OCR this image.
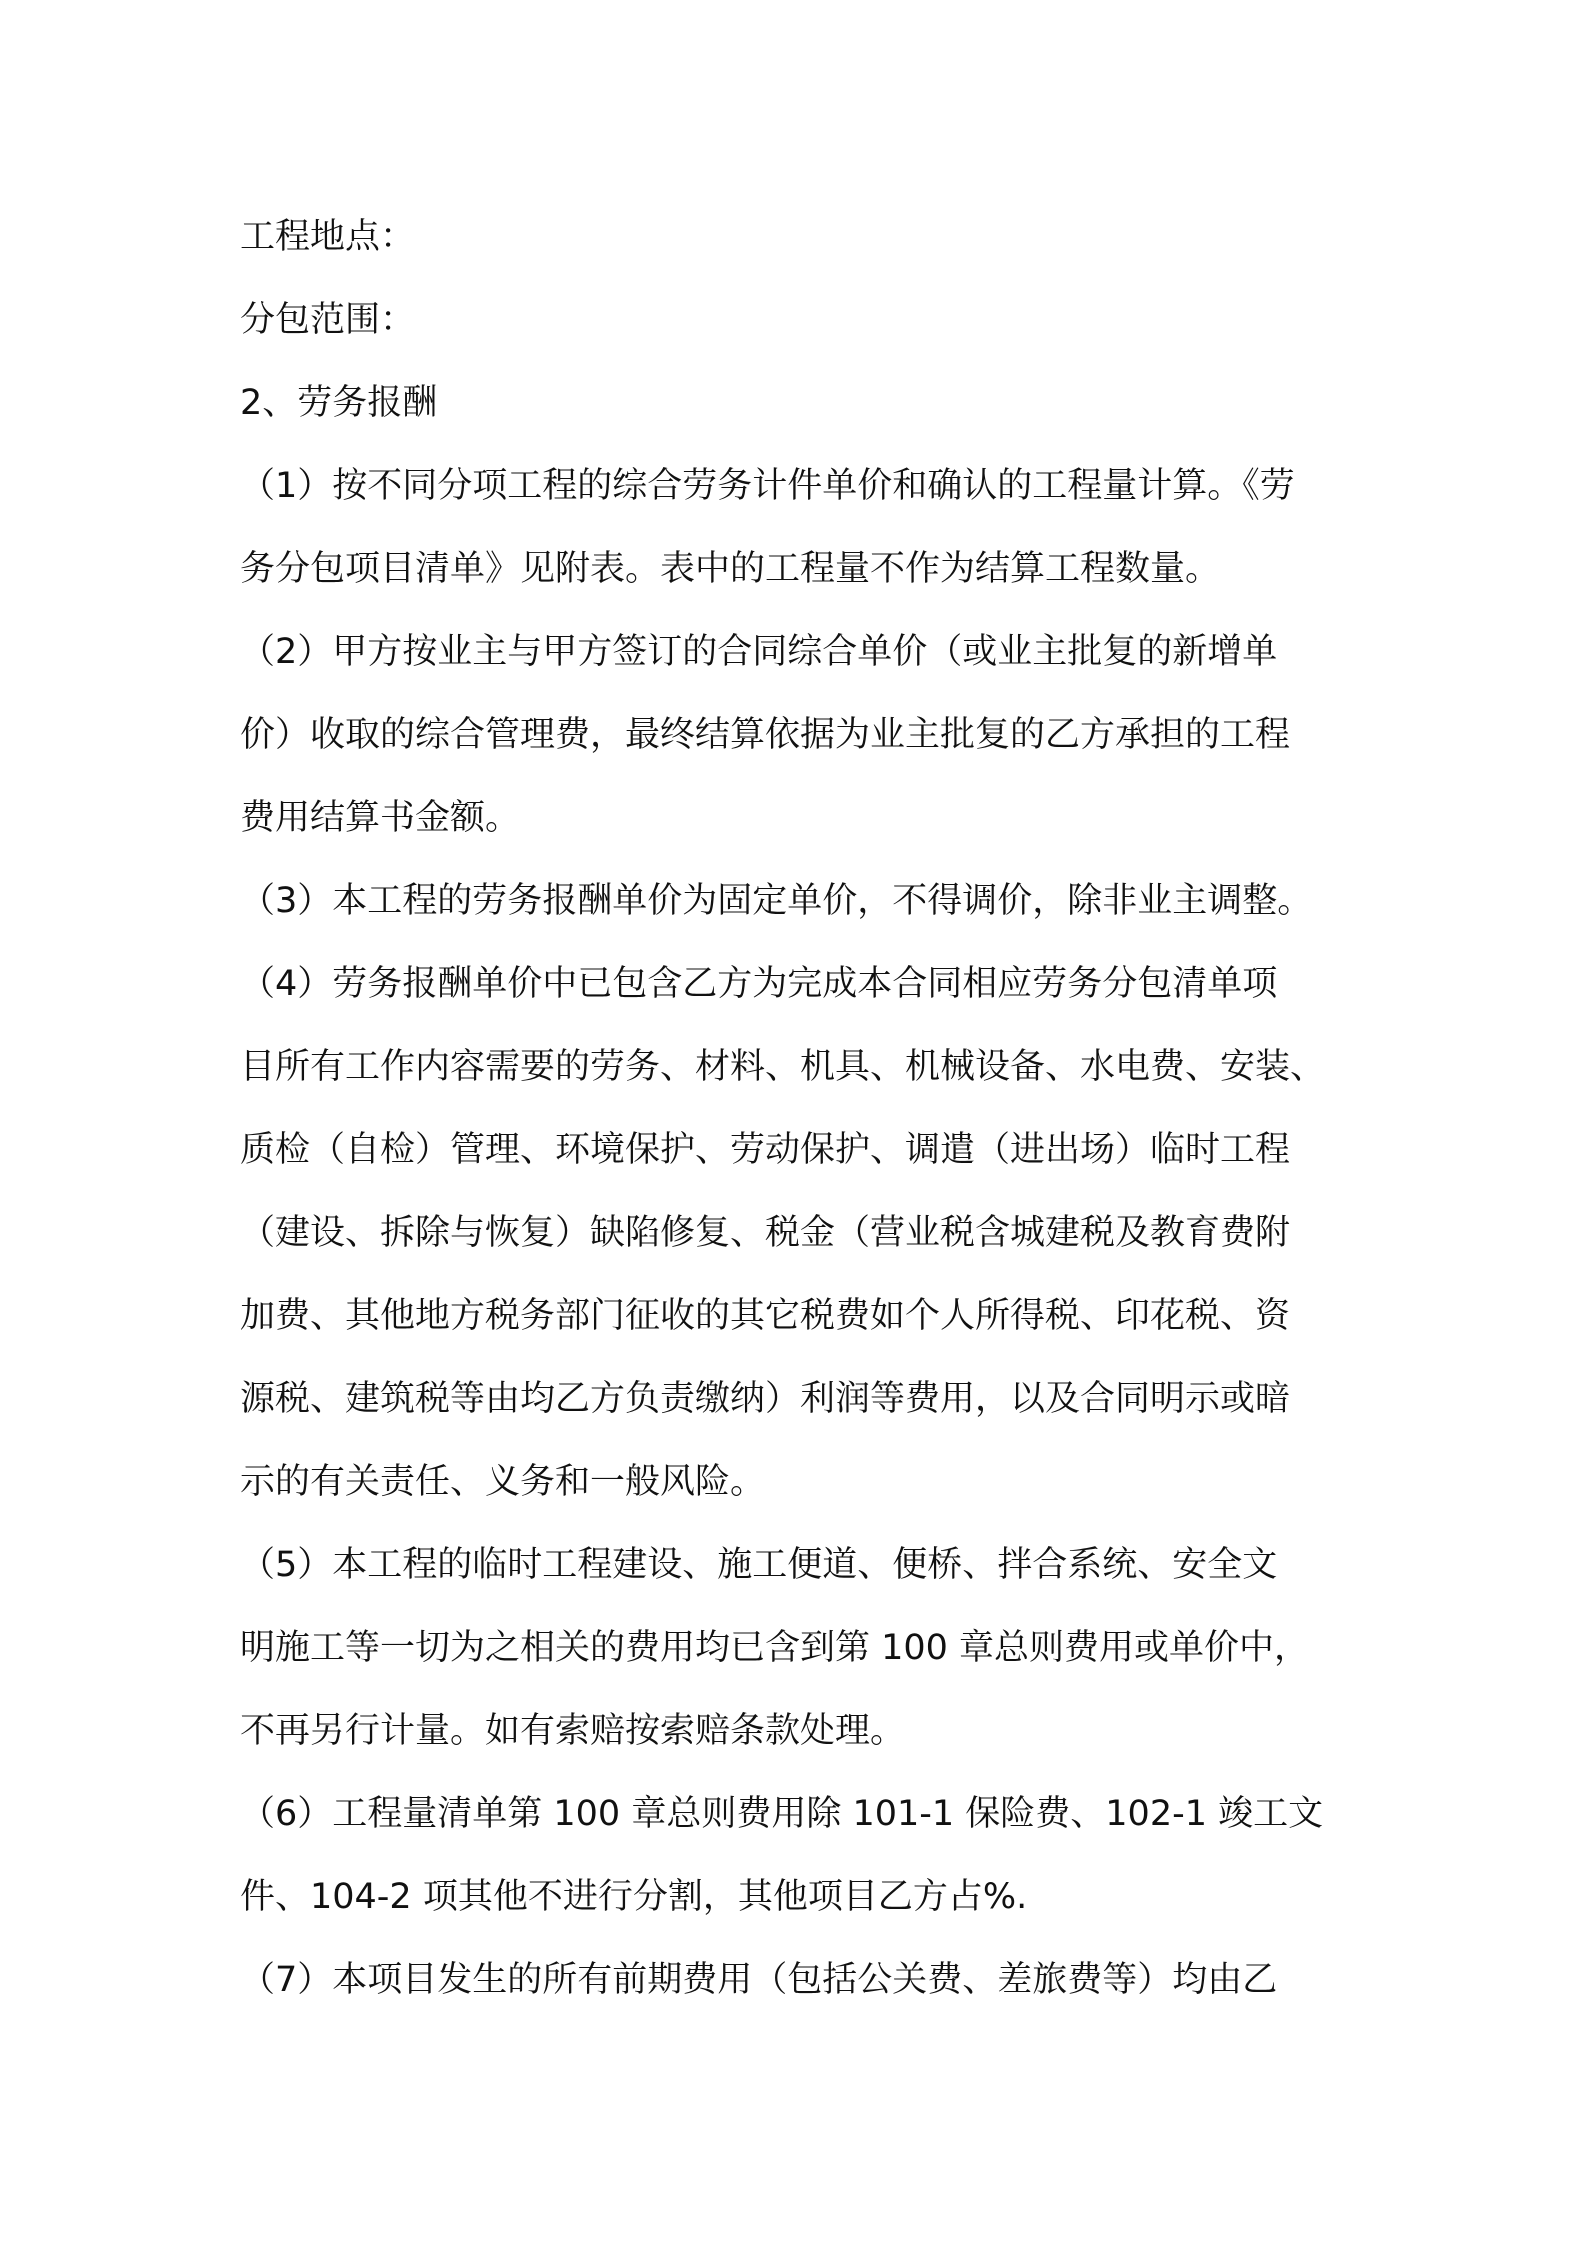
工程地点：
分包范围：
2、劳务报酬
（1）按不同分项工程的综合劳务计件单价和确认的工程量计算。《劳
务分包项目清单》见附表。表中的工程量不作为结算工程数量。
（2）甲方按业主与甲方签订的合同综合单价（或业主批复的新增单
价）收取的综合管理费，最终结算依据为业主批复的乙方承担的工程
费用结算书金额。
（3）本工程的劳务报酬单价为固定单价，不得调价，除非业主调整。
（4）劳务报酬单价中已包含乙方为完成本合同相应劳务分包清单项
目所有工作内容需要的劳务、材料、机具、机械设备、水电费、安装、
质检（自检）管理、环境保护、劳动保护、调遣（进出场）临时工程
（建设、拆除与恢复）缺陷修复、税金（营业税含城建税及教育费附
加费、其他地方税务部门征收的其它税费如个人所得税、印花税、资
源税、建筑税等由均乙方负责缴纳）利润等费用，以及合同明示或暗
示的有关责任、义务和一般风险。
（5）本工程的临时工程建设、施工便道、便桥、拌合系统、安全文
明施工等一切为之相关的费用均已含到第 100 章总则费用或单价中，
不再另行计量。如有索赔按索赔条款处理。
（6）工程量清单第 100 章总则费用除 101-1 保险费、102-1 竣工文
件、104-2 项其他不进行分割，其他项目乙方占%.
（7）本项目发生的所有前期费用（包括公关费、差旅费等）均由乙
